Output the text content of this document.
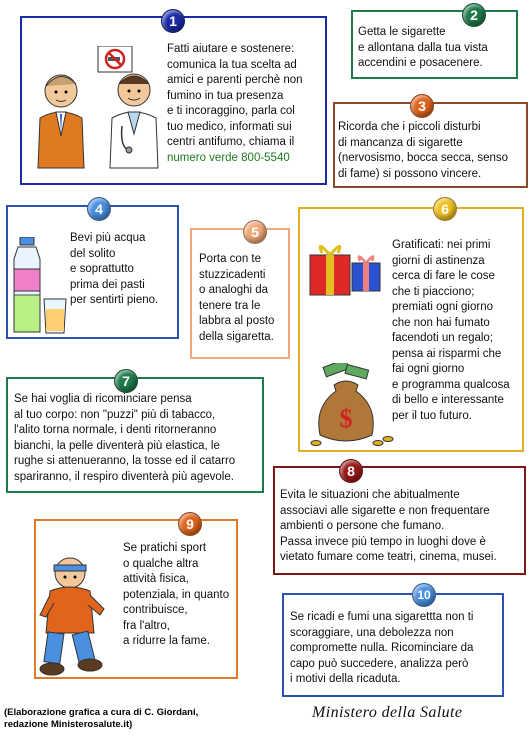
1
Fatti aiutare e sostenere:
comunica la tua scelta ad
amici e parenti perchè non
fumino in tua presenza
e ti incoraggino, parla col
tuo medico, informati sui
centri antifumo, chiama il
numero verde 800-5540
2
Getta le sigarette
e allontana dalla tua vista
accendini e posacenere.
3
Ricorda che i piccoli disturbi
di mancanza di sigarette
(nervosismo, bocca secca, senso
di fame) si possono vincere.
4
Bevi più acqua
del solito
e soprattutto
prima dei pasti
per sentirti pieno.
5
Porta con te
stuzzicadenti
o analoghi da
tenere tra le
labbra al posto
della sigaretta.
$
6
Gratificati: nei primi
giorni di astinenza
cerca di fare le cose
che ti piacciono;
premiati ogni giorno
che non hai fumato
facendoti un regalo;
pensa ai risparmi che
fai ogni giorno
e programma qualcosa
di bello e interessante
per il tuo futuro.
7
Se hai voglia di ricominciare pensa
al tuo corpo: non "puzzi" più di tabacco,
l'alito torna normale, i denti ritorneranno
bianchi, la pelle diventerà più elastica, le
rughe si attenueranno, la tosse ed il catarro
spariranno, il respiro diventerà più agevole.	8
Evita le situazioni che abitualmente
associavi alle sigarette e non frequentare
ambienti o persone che fumano.
Passa invece più tempo in luoghi dove è
vietato fumare come teatri, cinema, musei.
9
Se pratichi sport
o qualche altra
attività fisica,
potenziala, in quanto
contribuisce,
fra l'altro,
a ridurre la fame.
10
Se ricadi e fumi una sigarettta non ti
scoraggiare, una debolezza non
compromette nulla. Ricominciare da
capo può succedere, analizza però
i motivi della ricaduta.
(Elaborazione grafica a cura di C. Giordani,
redazione Ministerosalute.it)
Ministero della Salute
